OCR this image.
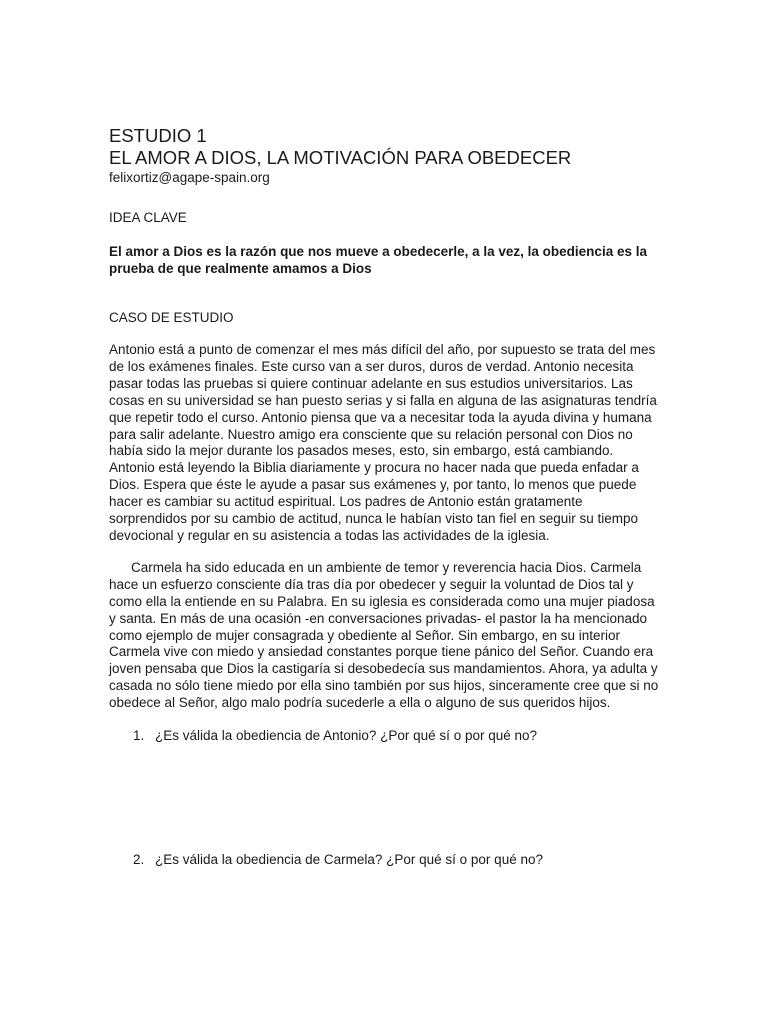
ESTUDIO 1
EL AMOR A DIOS, LA MOTIVACIÓN PARA OBEDECER

felixortiz@agape-spain.org

IDEA CLAVE

El amor a Dios es la razón que nos mueve a obedecerle, a la vez, la obediencia es la prueba de que realmente amamos a Dios

CASO DE ESTUDIO

Antonio está a punto de comenzar el mes más difícil del año, por supuesto se trata del mes de los exámenes finales. Este curso van a ser duros, duros de verdad. Antonio necesita pasar todas las pruebas si quiere continuar adelante en sus estudios universitarios. Las cosas en su universidad se han puesto serias y si falla en alguna de las asignaturas tendría que repetir todo el curso. Antonio piensa que va a necesitar toda la ayuda divina y humana para salir adelante. Nuestro amigo era consciente que su relación personal con Dios no había sido la mejor durante los pasados meses, esto, sin embargo, está cambiando. Antonio está leyendo la Biblia diariamente y procura no hacer nada que pueda enfadar a Dios. Espera que éste le ayude a pasar sus exámenes y, por tanto, lo menos que puede hacer es cambiar su actitud espiritual. Los padres de Antonio están gratamente sorprendidos por su cambio de actitud, nunca le habían visto tan fiel en seguir su tiempo devocional y regular en su asistencia a todas las actividades de la iglesia.

Carmela ha sido educada en un ambiente de temor y reverencia hacia Dios. Carmela hace un esfuerzo consciente día tras día por obedecer y seguir la voluntad de Dios tal y como ella la entiende en su Palabra. En su iglesia es considerada como una mujer piadosa y santa. En más de una ocasión -en conversaciones privadas- el pastor la ha mencionado como ejemplo de mujer consagrada y obediente al Señor. Sin embargo, en su interior Carmela vive con miedo y ansiedad constantes porque tiene pánico del Señor. Cuando era joven pensaba que Dios la castigaría si desobedecía sus mandamientos. Ahora, ya adulta y casada no sólo tiene miedo por ella sino también por sus hijos, sinceramente cree que si no obedece al Señor, algo malo podría sucederle a ella o alguno de sus queridos hijos.

1. ¿Es válida la obediencia de Antonio? ¿Por qué sí o por qué no?
2. ¿Es válida la obediencia de Carmela? ¿Por qué sí o por qué no?
